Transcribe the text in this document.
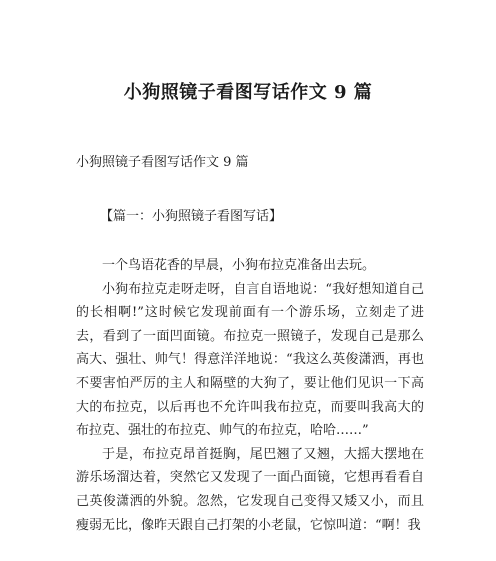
小狗照镜子看图写话作文 9 篇
小狗照镜子看图写话作文 9 篇
【篇一：小狗照镜子看图写话】

一个鸟语花香的早晨，小狗布拉克准备出去玩。

小狗布拉克走呀走呀，自言自语地说：“我好想知道自己的长相啊!”这时候它发现前面有一个游乐场，立刻走了进去，看到了一面凹面镜。布拉克一照镜子，发现自己是那么高大、强壮、帅气！得意洋洋地说：“我这么英俊潇洒，再也不要害怕严厉的主人和隔壁的大狗了，要让他们见识一下高大的布拉克，以后再也不允许叫我布拉克，而要叫我高大的布拉克、强壮的布拉克、帅气的布拉克，哈哈……”

于是，布拉克昂首挺胸，尾巴翘了又翘，大摇大摆地在游乐场溜达着，突然它又发现了一面凸面镜，它想再看看自己英俊潇洒的外貌。忽然，它发现自己变得又矮又小，而且瘦弱无比，像昨天跟自己打架的小老鼠，它惊叫道：“啊！我
